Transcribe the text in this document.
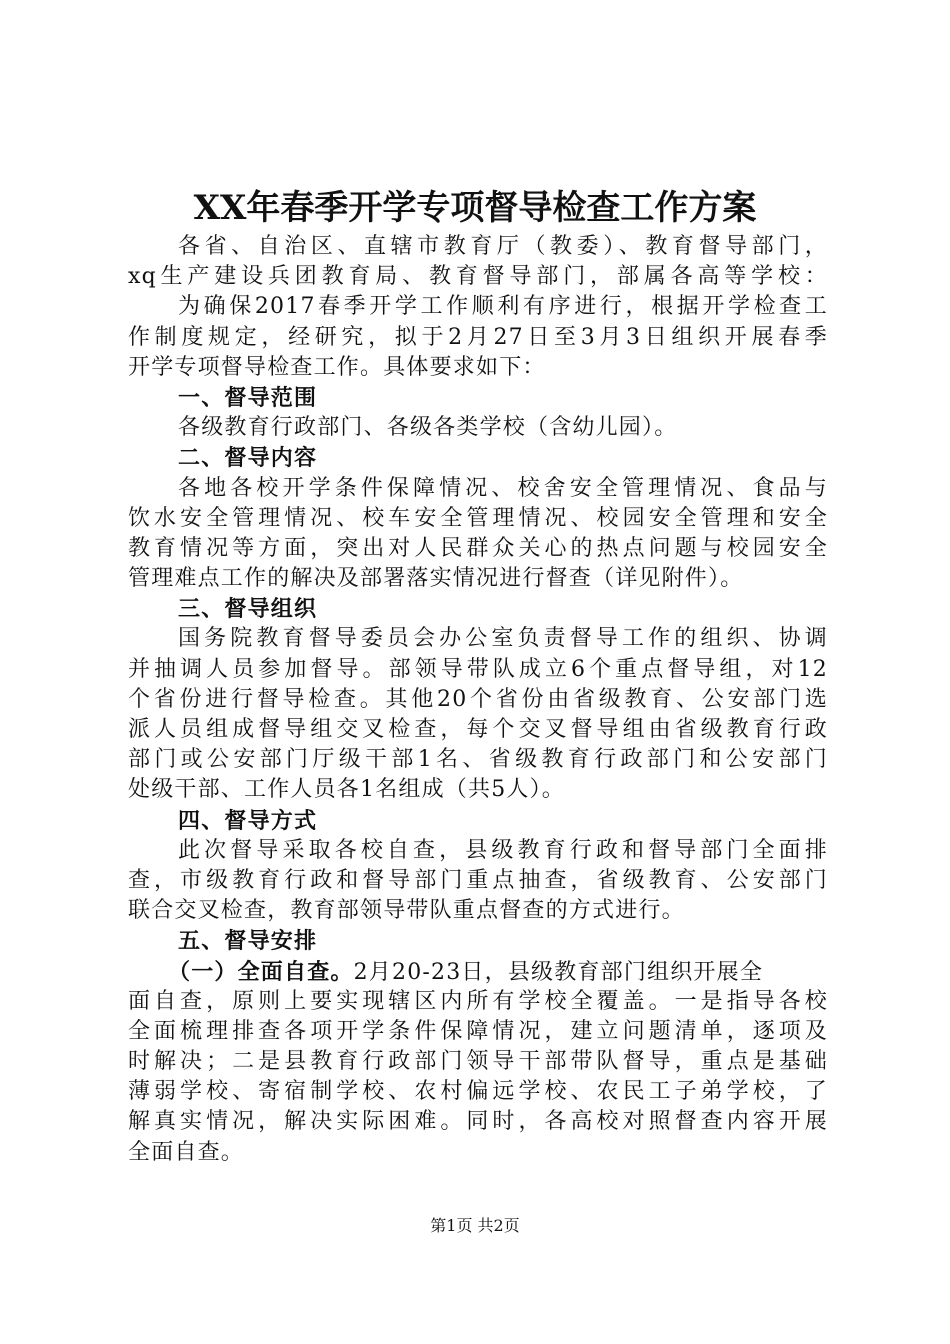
XX年春季开学专项督导检查工作方案
各省、自治区、直辖市教育厅（教委）、教育督导部门，
xq生产建设兵团教育局、教育督导部门，部属各高等学校：
为确保2017春季开学工作顺利有序进行，根据开学检查工
作制度规定，经研究，拟于2月27日至3月3日组织开展春季
开学专项督导检查工作。具体要求如下：
一、督导范围
各级教育行政部门、各级各类学校（含幼儿园）。
二、督导内容
各地各校开学条件保障情况、校舍安全管理情况、食品与
饮水安全管理情况、校车安全管理情况、校园安全管理和安全
教育情况等方面，突出对人民群众关心的热点问题与校园安全
管理难点工作的解决及部署落实情况进行督查（详见附件）。
三、督导组织
国务院教育督导委员会办公室负责督导工作的组织、协调
并抽调人员参加督导。部领导带队成立6个重点督导组，对12
个省份进行督导检查。其他20个省份由省级教育、公安部门选
派人员组成督导组交叉检查，每个交叉督导组由省级教育行政
部门或公安部门厅级干部1名、省级教育行政部门和公安部门
处级干部、工作人员各1名组成（共5人）。
四、督导方式
此次督导采取各校自查，县级教育行政和督导部门全面排
查，市级教育行政和督导部门重点抽查，省级教育、公安部门
联合交叉检查，教育部领导带队重点督查的方式进行。
五、督导安排
（一）全面自查。2月20-23日，县级教育部门组织开展全
面自查，原则上要实现辖区内所有学校全覆盖。一是指导各校
全面梳理排查各项开学条件保障情况，建立问题清单，逐项及
时解决；二是县教育行政部门领导干部带队督导，重点是基础
薄弱学校、寄宿制学校、农村偏远学校、农民工子弟学校，了
解真实情况，解决实际困难。同时，各高校对照督查内容开展
全面自查。
第1页 共2页
